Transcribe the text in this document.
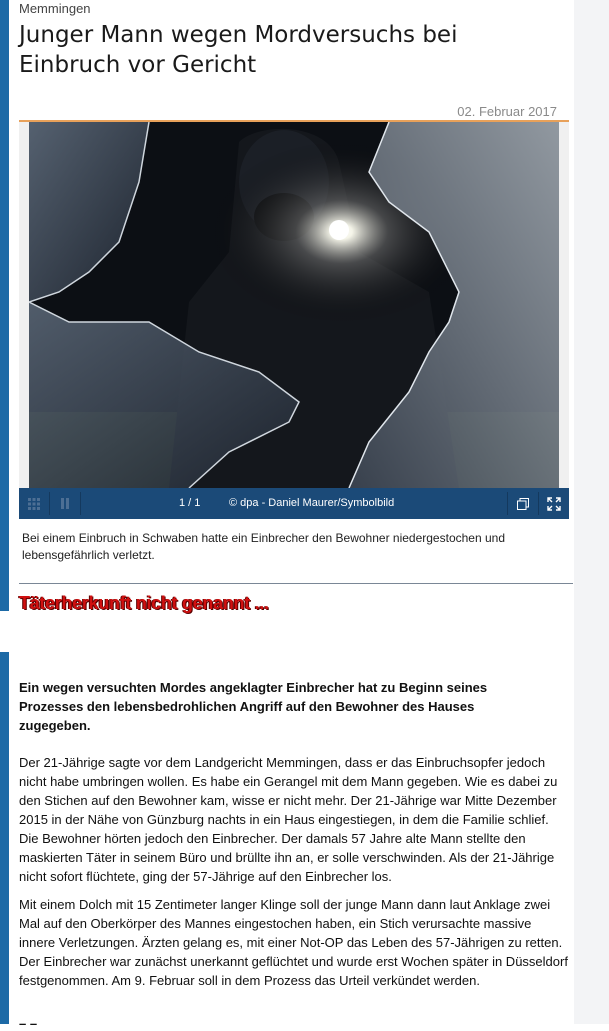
Memmingen
Junger Mann wegen Mordversuchs bei Einbruch vor Gericht
02. Februar 2017
1 / 1	© dpa - Daniel Maurer/Symbolbild
Bei einem Einbruch in Schwaben hatte ein Einbrecher den Bewohner niedergestochen und lebensgefährlich verletzt.
Täterherkunft nicht genannt ...
Ein wegen versuchten Mordes angeklagter Einbrecher hat zu Beginn seines Prozesses den lebensbedrohlichen Angriff auf den Bewohner des Hauses zugegeben.
Der 21-Jährige sagte vor dem Landgericht Memmingen, dass er das Einbruchsopfer jedoch nicht habe umbringen wollen. Es habe ein Gerangel mit dem Mann gegeben. Wie es dabei zu den Stichen auf den Bewohner kam, wisse er nicht mehr. Der 21-Jährige war Mitte Dezember 2015 in der Nähe von Günzburg nachts in ein Haus eingestiegen, in dem die Familie schlief. Die Bewohner hörten jedoch den Einbrecher. Der damals 57 Jahre alte Mann stellte den maskierten Täter in seinem Büro und brüllte ihn an, er solle verschwinden. Als der 21-Jährige nicht sofort flüchtete, ging der 57-Jährige auf den Einbrecher los.
Mit einem Dolch mit 15 Zentimeter langer Klinge soll der junge Mann dann laut Anklage zwei Mal auf den Oberkörper des Mannes eingestochen haben, ein Stich verursachte massive innere Verletzungen. Ärzten gelang es, mit einer Not-OP das Leben des 57-Jährigen zu retten. Der Einbrecher war zunächst unerkannt geflüchtet und wurde erst Wochen später in Düsseldorf festgenommen. Am 9. Februar soll in dem Prozess das Urteil verkündet werden.
– –
